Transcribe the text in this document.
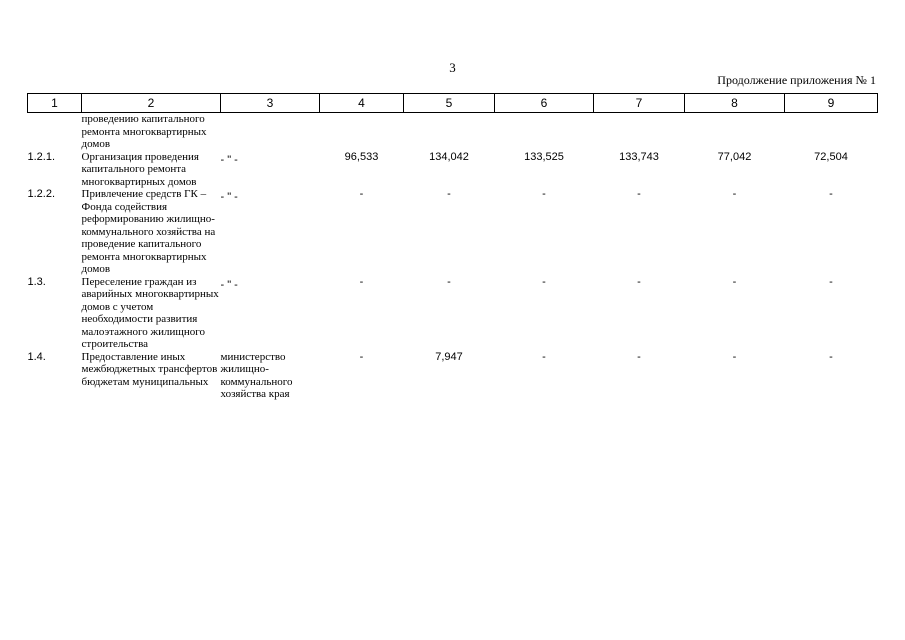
3
Продолжение приложения № 1
1	2	3	4	5	6	7	8	9
	проведению капитального ремонта многоквартирных домов							
1.2.1.	Организация проведения капитального ремонта многоквартирных домов	- " -	96,533	134,042	133,525	133,743	77,042	72,504
1.2.2.	Привлечение средств ГК – Фонда содействия реформированию жилищно-коммунального хозяйства на проведение капитального ремонта многоквартирных домов	- " -	-	-	-	-	-	-
1.3.	Переселение граждан из аварийных многоквартирных домов с учетом необходимости развития малоэтажного жилищного строительства	- " -	-	-	-	-	-	-
1.4.	Предоставление иных межбюджетных трансфертов бюджетам муниципальных	министерство жилищно-коммунального хозяйства края	-	7,947	-	-	-	-
